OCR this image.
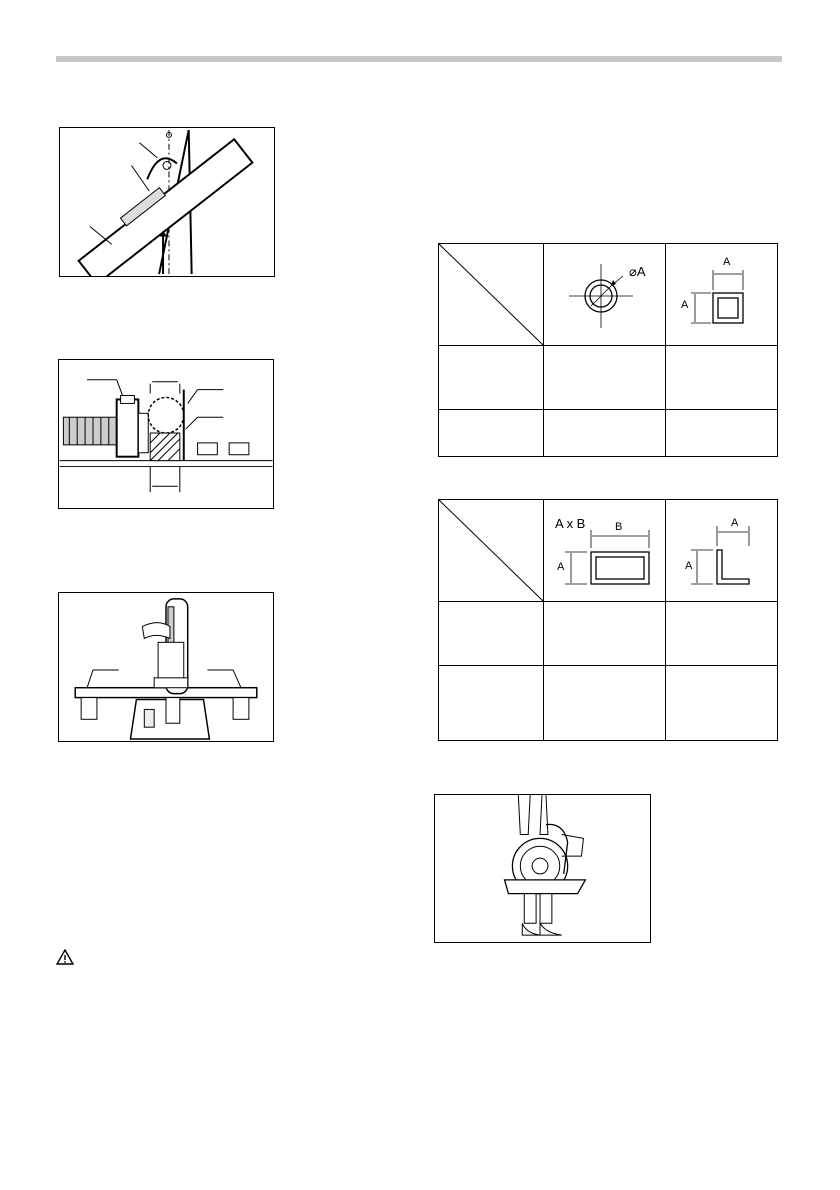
⌀A
A
A
A x B	B
A
A
A
